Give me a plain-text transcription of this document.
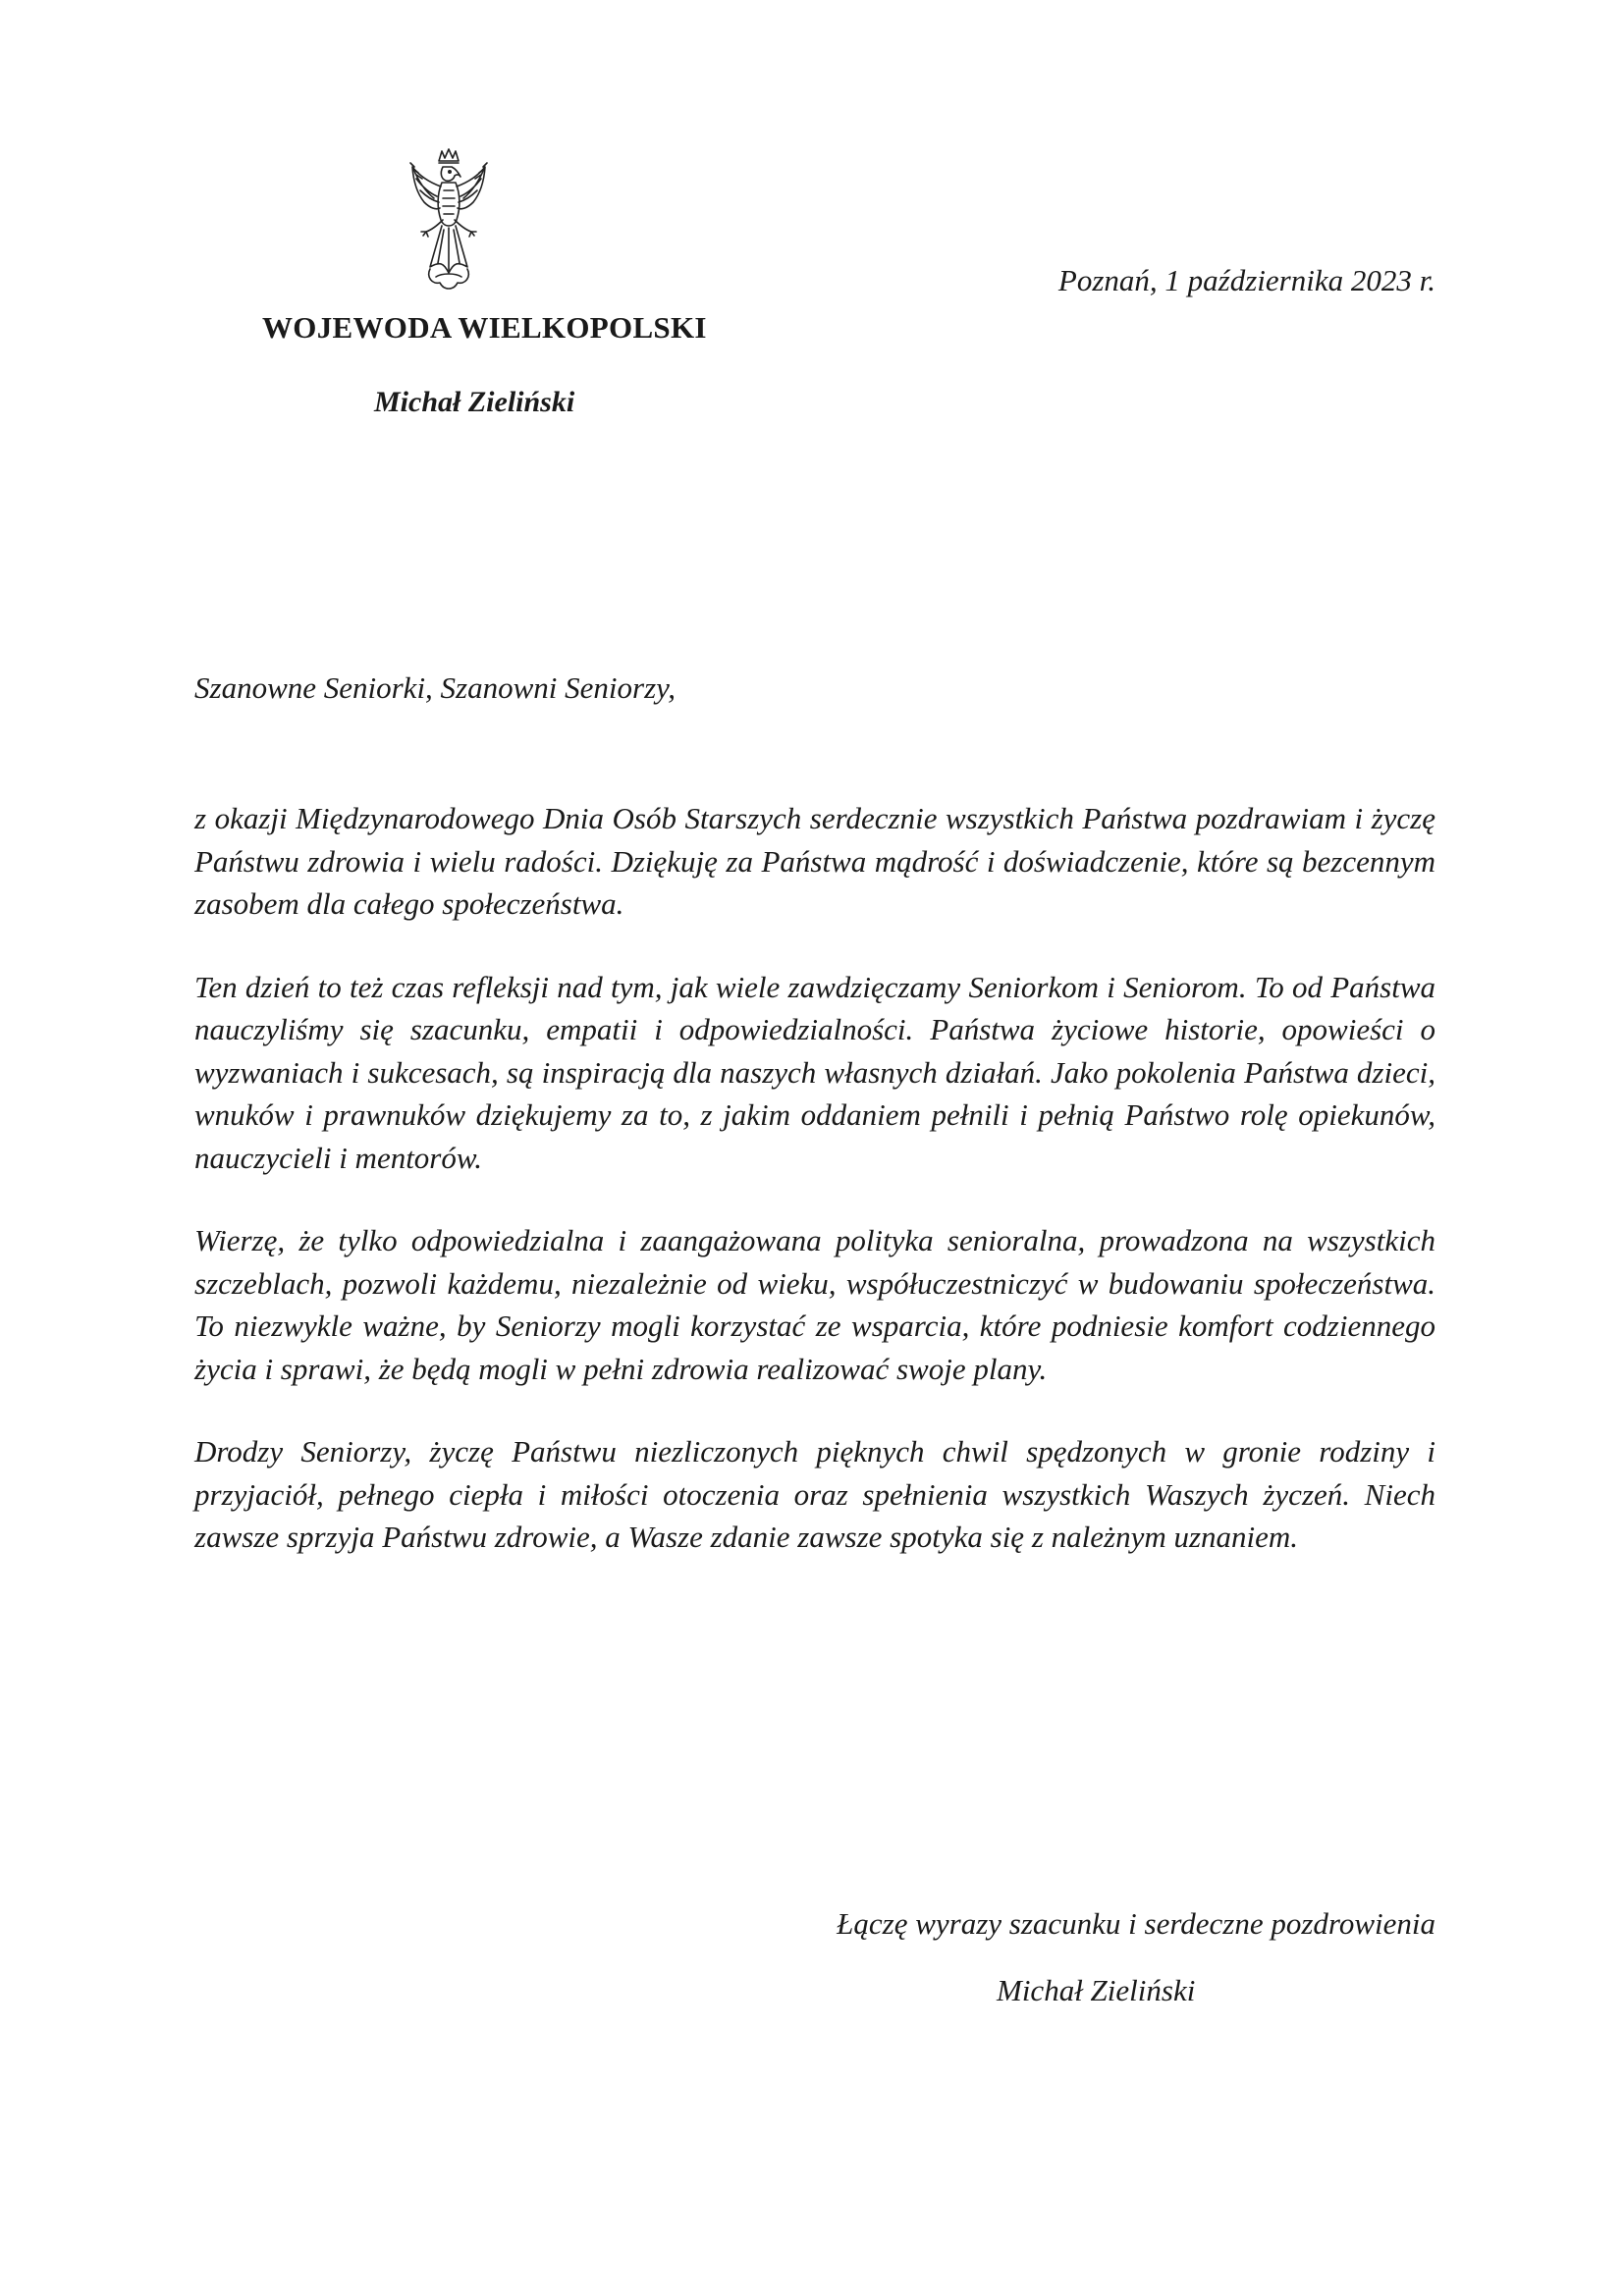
WOJEWODA WIELKOPOLSKI
Michał Zieliński
Poznań, 1 października 2023 r.
Szanowne Seniorki, Szanowni Seniorzy,

z okazji Międzynarodowego Dnia Osób Starszych serdecznie wszystkich Państwa pozdrawiam i życzę Państwu zdrowia i wielu radości. Dziękuję za Państwa mądrość i doświadczenie, które są bezcennym zasobem dla całego społeczeństwa.

Ten dzień to też czas refleksji nad tym, jak wiele zawdzięczamy Seniorkom i Seniorom. To od Państwa nauczyliśmy się szacunku, empatii i odpowiedzialności. Państwa życiowe historie, opowieści o wyzwaniach i sukcesach, są inspiracją dla naszych własnych działań. Jako pokolenia Państwa dzieci, wnuków i prawnuków dziękujemy za to, z jakim oddaniem pełnili i pełnią Państwo rolę opiekunów, nauczycieli i mentorów.

Wierzę, że tylko odpowiedzialna i zaangażowana polityka senioralna, prowadzona na wszystkich szczeblach, pozwoli każdemu, niezależnie od wieku, współuczestniczyć w budowaniu społeczeństwa. To niezwykle ważne, by Seniorzy mogli korzystać ze wsparcia, które podniesie komfort codziennego życia i sprawi, że będą mogli w pełni zdrowia realizować swoje plany.

Drodzy Seniorzy, życzę Państwu niezliczonych pięknych chwil spędzonych w gronie rodziny i przyjaciół, pełnego ciepła i miłości otoczenia oraz spełnienia wszystkich Waszych życzeń. Niech zawsze sprzyja Państwu zdrowie, a Wasze zdanie zawsze spotyka się z należnym uznaniem.

Łączę wyrazy szacunku i serdeczne pozdrowienia
Michał Zieliński
